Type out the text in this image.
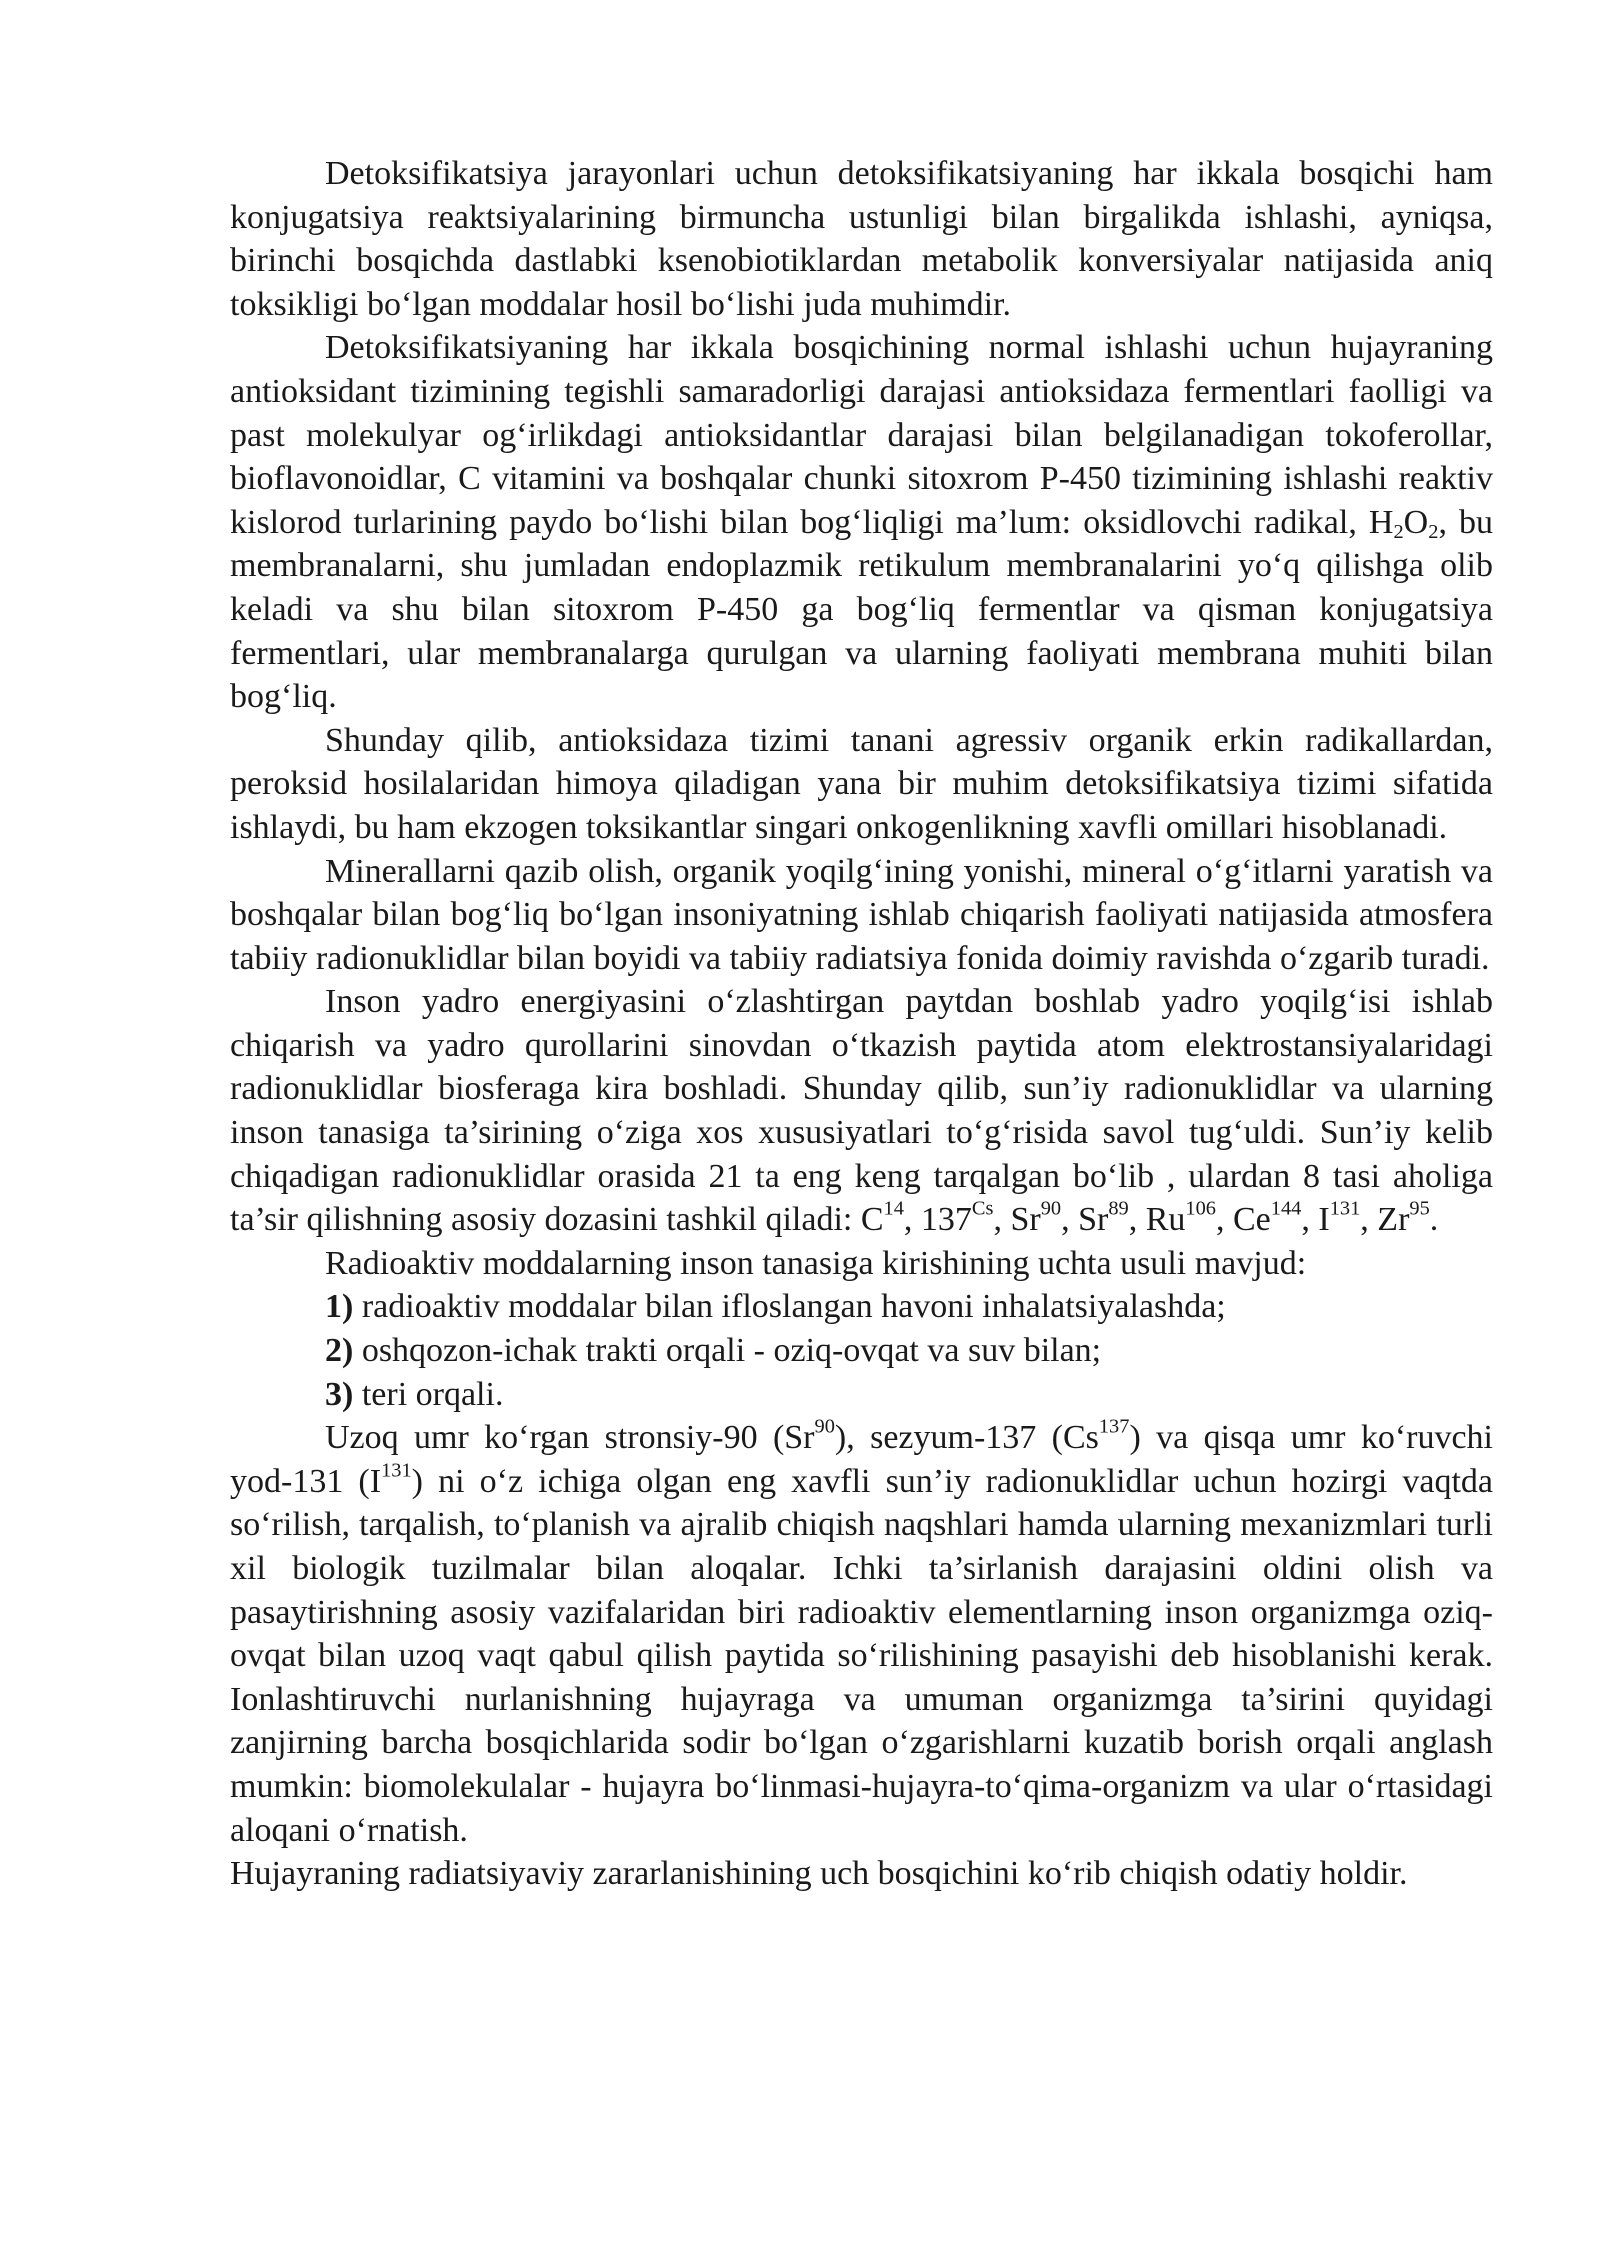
Detoksifikatsiya jarayonlari uchun detoksifikatsiyaning har ikkala bosqichi ham konjugatsiya reaktsiyalarining birmuncha ustunligi bilan birgalikda ishlashi, ayniqsa, birinchi bosqichda dastlabki ksenobiotiklardan metabolik konversiyalar natijasida aniq toksikligi boʻlgan moddalar hosil boʻlishi juda muhimdir.

Detoksifikatsiyaning har ikkala bosqichining normal ishlashi uchun hujayraning antioksidant tizimining tegishli samaradorligi darajasi antioksidaza fermentlari faolligi va past molekulyar ogʻirlikdagi antioksidantlar darajasi bilan belgilanadigan tokoferollar, bioflavonoidlar, C vitamini va boshqalar chunki sitoxrom P-450 tizimining ishlashi reaktiv kislorod turlarining paydo boʻlishi bilan bogʻliqligi ma’lum: oksidlovchi radikal, $H_2O_2$, bu membranalarni, shu jumladan endoplazmik retikulum membranalarini yoʻq qilishga olib keladi va shu bilan sitoxrom P-450 ga bogʻliq fermentlar va qisman konjugatsiya fermentlari, ular membranalarga qurulgan va ularning faoliyati membrana muhiti bilan bogʻliq.

Shunday qilib, antioksidaza tizimi tanani agressiv organik erkin radikallardan, peroksid hosilalaridan himoya qiladigan yana bir muhim detoksifikatsiya tizimi sifatida ishlaydi, bu ham ekzogen toksikantlar singari onkogenlikning xavfli omillari hisoblanadi.

Minerallarni qazib olish, organik yoqilgʻining yonishi, mineral oʻgʻitlarni yaratish va boshqalar bilan bogʻliq boʻlgan insoniyatning ishlab chiqarish faoliyati natijasida atmosfera tabiiy radionuklidlar bilan boyidi va tabiiy radiatsiya fonida doimiy ravishda oʻzgarib turadi.

Inson yadro energiyasini oʻzlashtirgan paytdan boshlab yadro yoqilgʻisi ishlab chiqarish va yadro qurollarini sinovdan oʻtkazish paytida atom elektrostansiyalaridagi radionuklidlar biosferaga kira boshladi. Shunday qilib, sun’iy radionuklidlar va ularning inson tanasiga ta’sirining oʻziga xos xususiyatlari toʻgʻrisida savol tugʻuldi. Sun’iy kelib chiqadigan radionuklidlar orasida 21 ta eng keng tarqalgan boʻlib , ulardan 8 tasi aholiga ta’sir qilishning asosiy dozasini tashkil qiladi: $C^{14}$, $137^{Cs}$, Sr$^{90}$, Sr$^{89}$, Ru$^{106}$, Ce$^{144}$, $I^{131}$, Zr$^{95}$.

Radioaktiv moddalarning inson tanasiga kirishining uchta usuli mavjud:

1) radioaktiv moddalar bilan ifloslangan havoni inhalatsiyalashda;

2) oshqozon-ichak trakti orqali - oziq-ovqat va suv bilan;

3) teri orqali.

Uzoq umr koʻrgan stronsiy-90 (Sr$^{90}$), sezyum-137 (Cs$^{137}$) va qisqa umr koʻruvchi yod-131 $(I^{131})$ ni oʻz ichiga olgan eng xavfli sun’iy radionuklidlar uchun hozirgi vaqtda soʻrilish, tarqalish, toʻplanish va ajralib chiqish naqshlari hamda ularning mexanizmlari turli xil biologik tuzilmalar bilan aloqalar. Ichki ta’sirlanish darajasini oldini olish va pasaytirishning asosiy vazifalaridan biri radioaktiv elementlarning inson organizmga oziq-ovqat bilan uzoq vaqt qabul qilish paytida soʻrilishining pasayishi deb hisoblanishi kerak. Ionlashtiruvchi nurlanishning hujayraga va umuman organizmga ta’sirini quyidagi zanjirning barcha bosqichlarida sodir boʻlgan oʻzgarishlarni kuzatib borish orqali anglash mumkin: biomolekulalar - hujayra boʻlinmasi-hujayra-toʻqima-organizm va ular oʻrtasidagi aloqani oʻrnatish.

Hujayraning radiatsiyaviy zararlanishining uch bosqichini koʻrib chiqish odatiy holdir.
